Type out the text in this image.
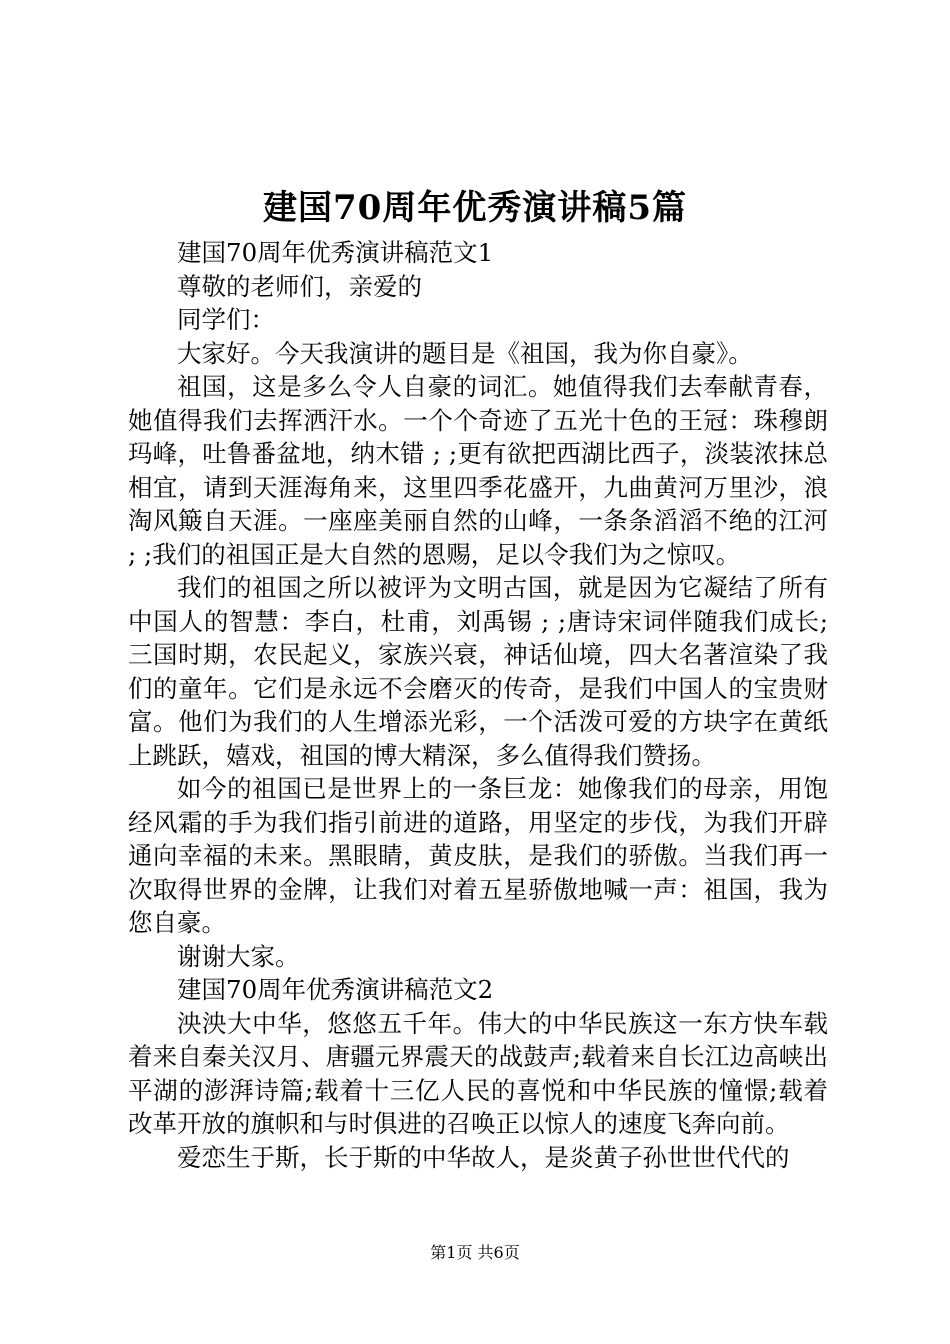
建国70周年优秀演讲稿5篇

建国70周年优秀演讲稿范文1

尊敬的老师们，亲爱的

同学们：

大家好。今天我演讲的题目是《祖国，我为你自豪》。

祖国，这是多么令人自豪的词汇。她值得我们去奉献青春，她值得我们去挥洒汗水。一个个奇迹了五光十色的王冠：珠穆朗玛峰，吐鲁番盆地，纳木错 ; ;更有欲把西湖比西子，淡装浓抹总相宜，请到天涯海角来，这里四季花盛开，九曲黄河万里沙，浪淘风簸自天涯。一座座美丽自然的山峰，一条条滔滔不绝的江河 ; ;我们的祖国正是大自然的恩赐，足以令我们为之惊叹。

我们的祖国之所以被评为文明古国，就是因为它凝结了所有中国人的智慧：李白，杜甫，刘禹锡 ; ;唐诗宋词伴随我们成长;三国时期，农民起义，家族兴衰，神话仙境，四大名著渲染了我们的童年。它们是永远不会磨灭的传奇，是我们中国人的宝贵财富。他们为我们的人生增添光彩，一个活泼可爱的方块字在黄纸上跳跃，嬉戏，祖国的博大精深，多么值得我们赞扬。

如今的祖国已是世界上的一条巨龙：她像我们的母亲，用饱经风霜的手为我们指引前进的道路，用坚定的步伐，为我们开辟通向幸福的未来。黑眼睛，黄皮肤，是我们的骄傲。当我们再一次取得世界的金牌，让我们对着五星骄傲地喊一声：祖国，我为您自豪。

谢谢大家。

建国70周年优秀演讲稿范文2

泱泱大中华，悠悠五千年。伟大的中华民族这一东方快车载着来自秦关汉月、唐疆元界震天的战鼓声;载着来自长江边高峡出平湖的澎湃诗篇;载着十三亿人民的喜悦和中华民族的憧憬;载着改革开放的旗帜和与时俱进的召唤正以惊人的速度飞奔向前。

爱恋生于斯，长于斯的中华故人，是炎黄子孙世世代代的

第1页 共6页
